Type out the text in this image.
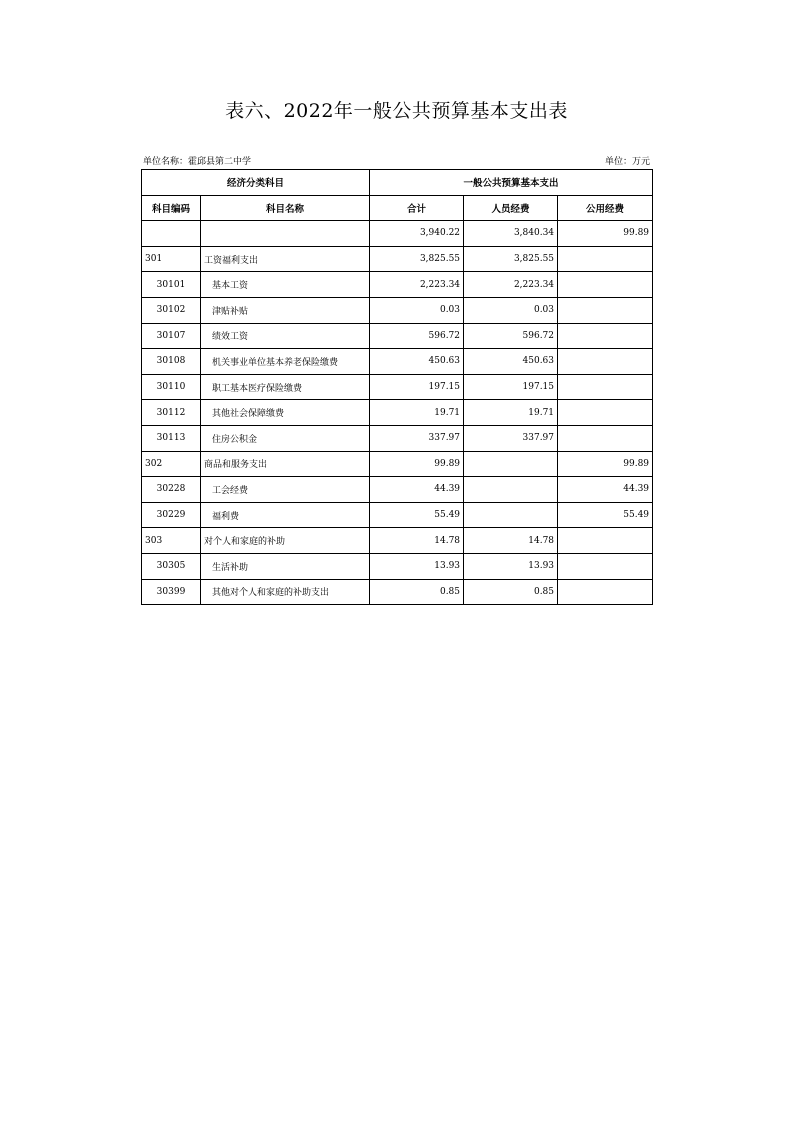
表六、2022年一般公共预算基本支出表
单位名称：霍邱县第二中学	单位：万元
经济分类科目		一般公共预算基本支出		
科目编码	科目名称	合计	人员经费	公用经费
		3,940.22	3,840.34	99.89
301	工资福利支出	3,825.55	3,825.55	
30101	基本工资	2,223.34	2,223.34	
30102	津贴补贴	0.03	0.03	
30107	绩效工资	596.72	596.72	
30108	机关事业单位基本养老保险缴费	450.63	450.63	
30110	职工基本医疗保险缴费	197.15	197.15	
30112	其他社会保障缴费	19.71	19.71	
30113	住房公积金	337.97	337.97	
302	商品和服务支出	99.89		99.89
30228	工会经费	44.39		44.39
30229	福利费	55.49		55.49
303	对个人和家庭的补助	14.78	14.78	
30305	生活补助	13.93	13.93	
30399	其他对个人和家庭的补助支出	0.85	0.85	
